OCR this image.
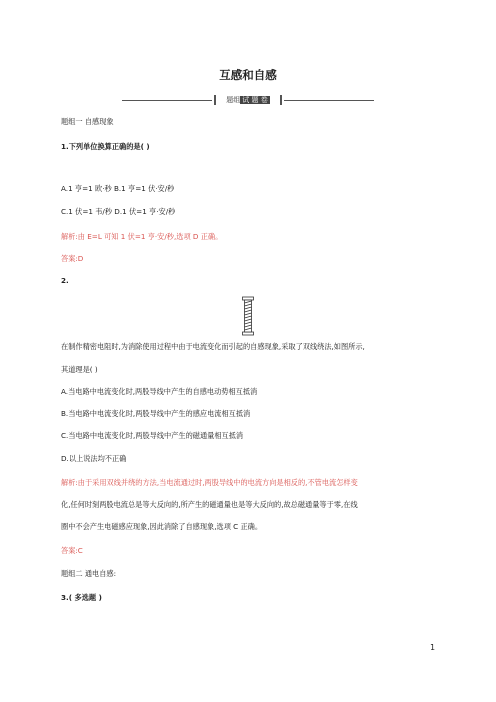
互感和自感
题组 试 题 卷
题组一 自感现象
1.下列单位换算正确的是( )
A.1 亨=1 欧·秒 B.1 亨=1 伏·安/秒
C.1 伏=1 韦/秒 D.1 伏=1 亨·安/秒
解析:由 E=L 可知 1 伏=1 亨·安/秒,选项 D 正确。
答案:D
2.
在制作精密电阻时,为消除使用过程中由于电流变化而引起的自感现象,采取了双线绕法,如图所示,
其道理是( )
A.当电路中电流变化时,两股导线中产生的自感电动势相互抵消
B.当电路中电流变化时,两股导线中产生的感应电流相互抵消
C.当电路中电流变化时,两股导线中产生的磁通量相互抵消
D.以上说法均不正确
解析:由于采用双线并绕的方法,当电流通过时,两股导线中的电流方向是相反的,不管电流怎样变
化,任何时刻两股电流总是等大反向的,所产生的磁通量也是等大反向的,故总磁通量等于零,在线
圈中不会产生电磁感应现象,因此消除了自感现象,选项 C 正确。
答案:C
题组二 通电自感:
3.( 多选题 )
1
